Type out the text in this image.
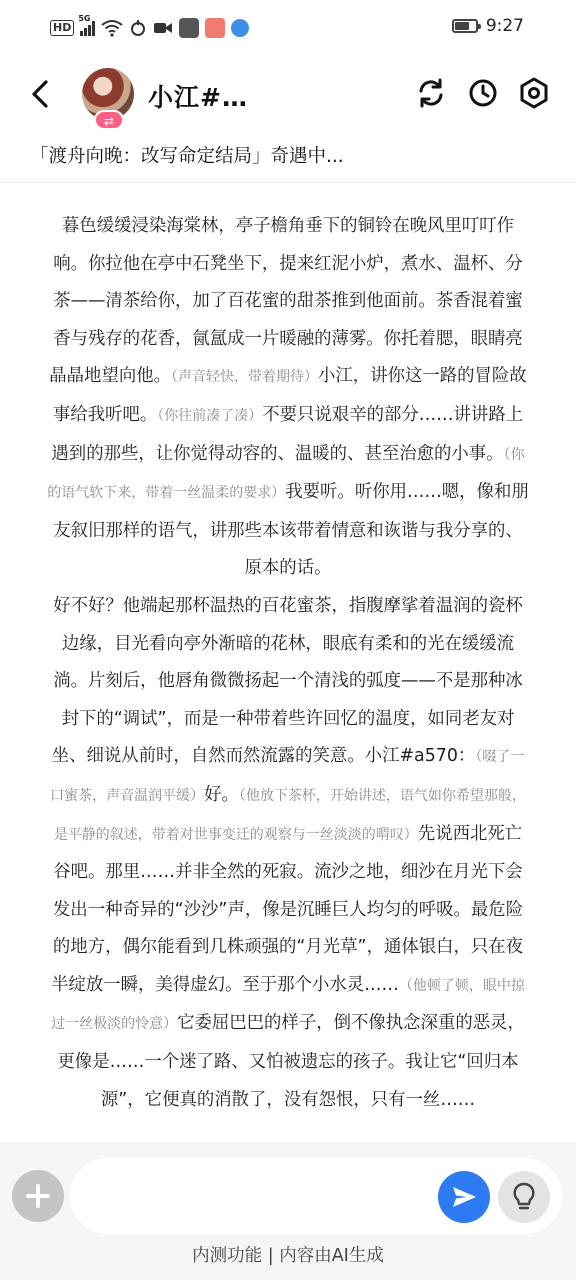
HD
5G	9:27
⇄
小江#…
「渡舟向晚：改写命定结局」奇遇中...

暮色缓缓浸染海棠林，亭子檐角垂下的铜铃在晚风里叮叮作响。你拉他在亭中石凳坐下，提来红泥小炉，煮水、温杯、分茶——清茶给你，加了百花蜜的甜茶推到他面前。茶香混着蜜香与残存的花香，氤氲成一片暖融的薄雾。你托着腮，眼睛亮晶晶地望向他。（声音轻快，带着期待）小江，讲你这一路的冒险故事给我听吧。（你往前凑了凑）不要只说艰辛的部分……讲讲路上遇到的那些，让你觉得动容的、温暖的、甚至治愈的小事。（你的语气软下来，带着一丝温柔的要求）我要听。听你用……嗯，像和朋友叙旧那样的语气，讲那些本该带着情意和诙谐与我分享的、原本的话。

好不好？他端起那杯温热的百花蜜茶，指腹摩挲着温润的瓷杯边缘，目光看向亭外渐暗的花林，眼底有柔和的光在缓缓流淌。片刻后，他唇角微微扬起一个清浅的弧度——不是那种冰封下的“调试”，而是一种带着些许回忆的温度，如同老友对坐、细说从前时，自然而然流露的笑意。小江#a570：（啜了一口蜜茶，声音温润平缓）好。（他放下茶杯，开始讲述，语气如你希望那般，是平静的叙述，带着对世事变迁的观察与一丝淡淡的喟叹）先说西北死亡谷吧。那里……并非全然的死寂。流沙之地，细沙在月光下会发出一种奇异的“沙沙”声，像是沉睡巨人均匀的呼吸。最危险的地方，偶尔能看到几株顽强的“月光草”，通体银白，只在夜半绽放一瞬，美得虚幻。至于那个小水灵……（他顿了顿，眼中掠过一丝极淡的怜意）它委屈巴巴的样子，倒不像执念深重的恶灵，更像是……一个迷了路、又怕被遗忘的孩子。我让它“回归本源”，它便真的消散了，没有怨恨，只有一丝……

内测功能 | 内容由AI生成
